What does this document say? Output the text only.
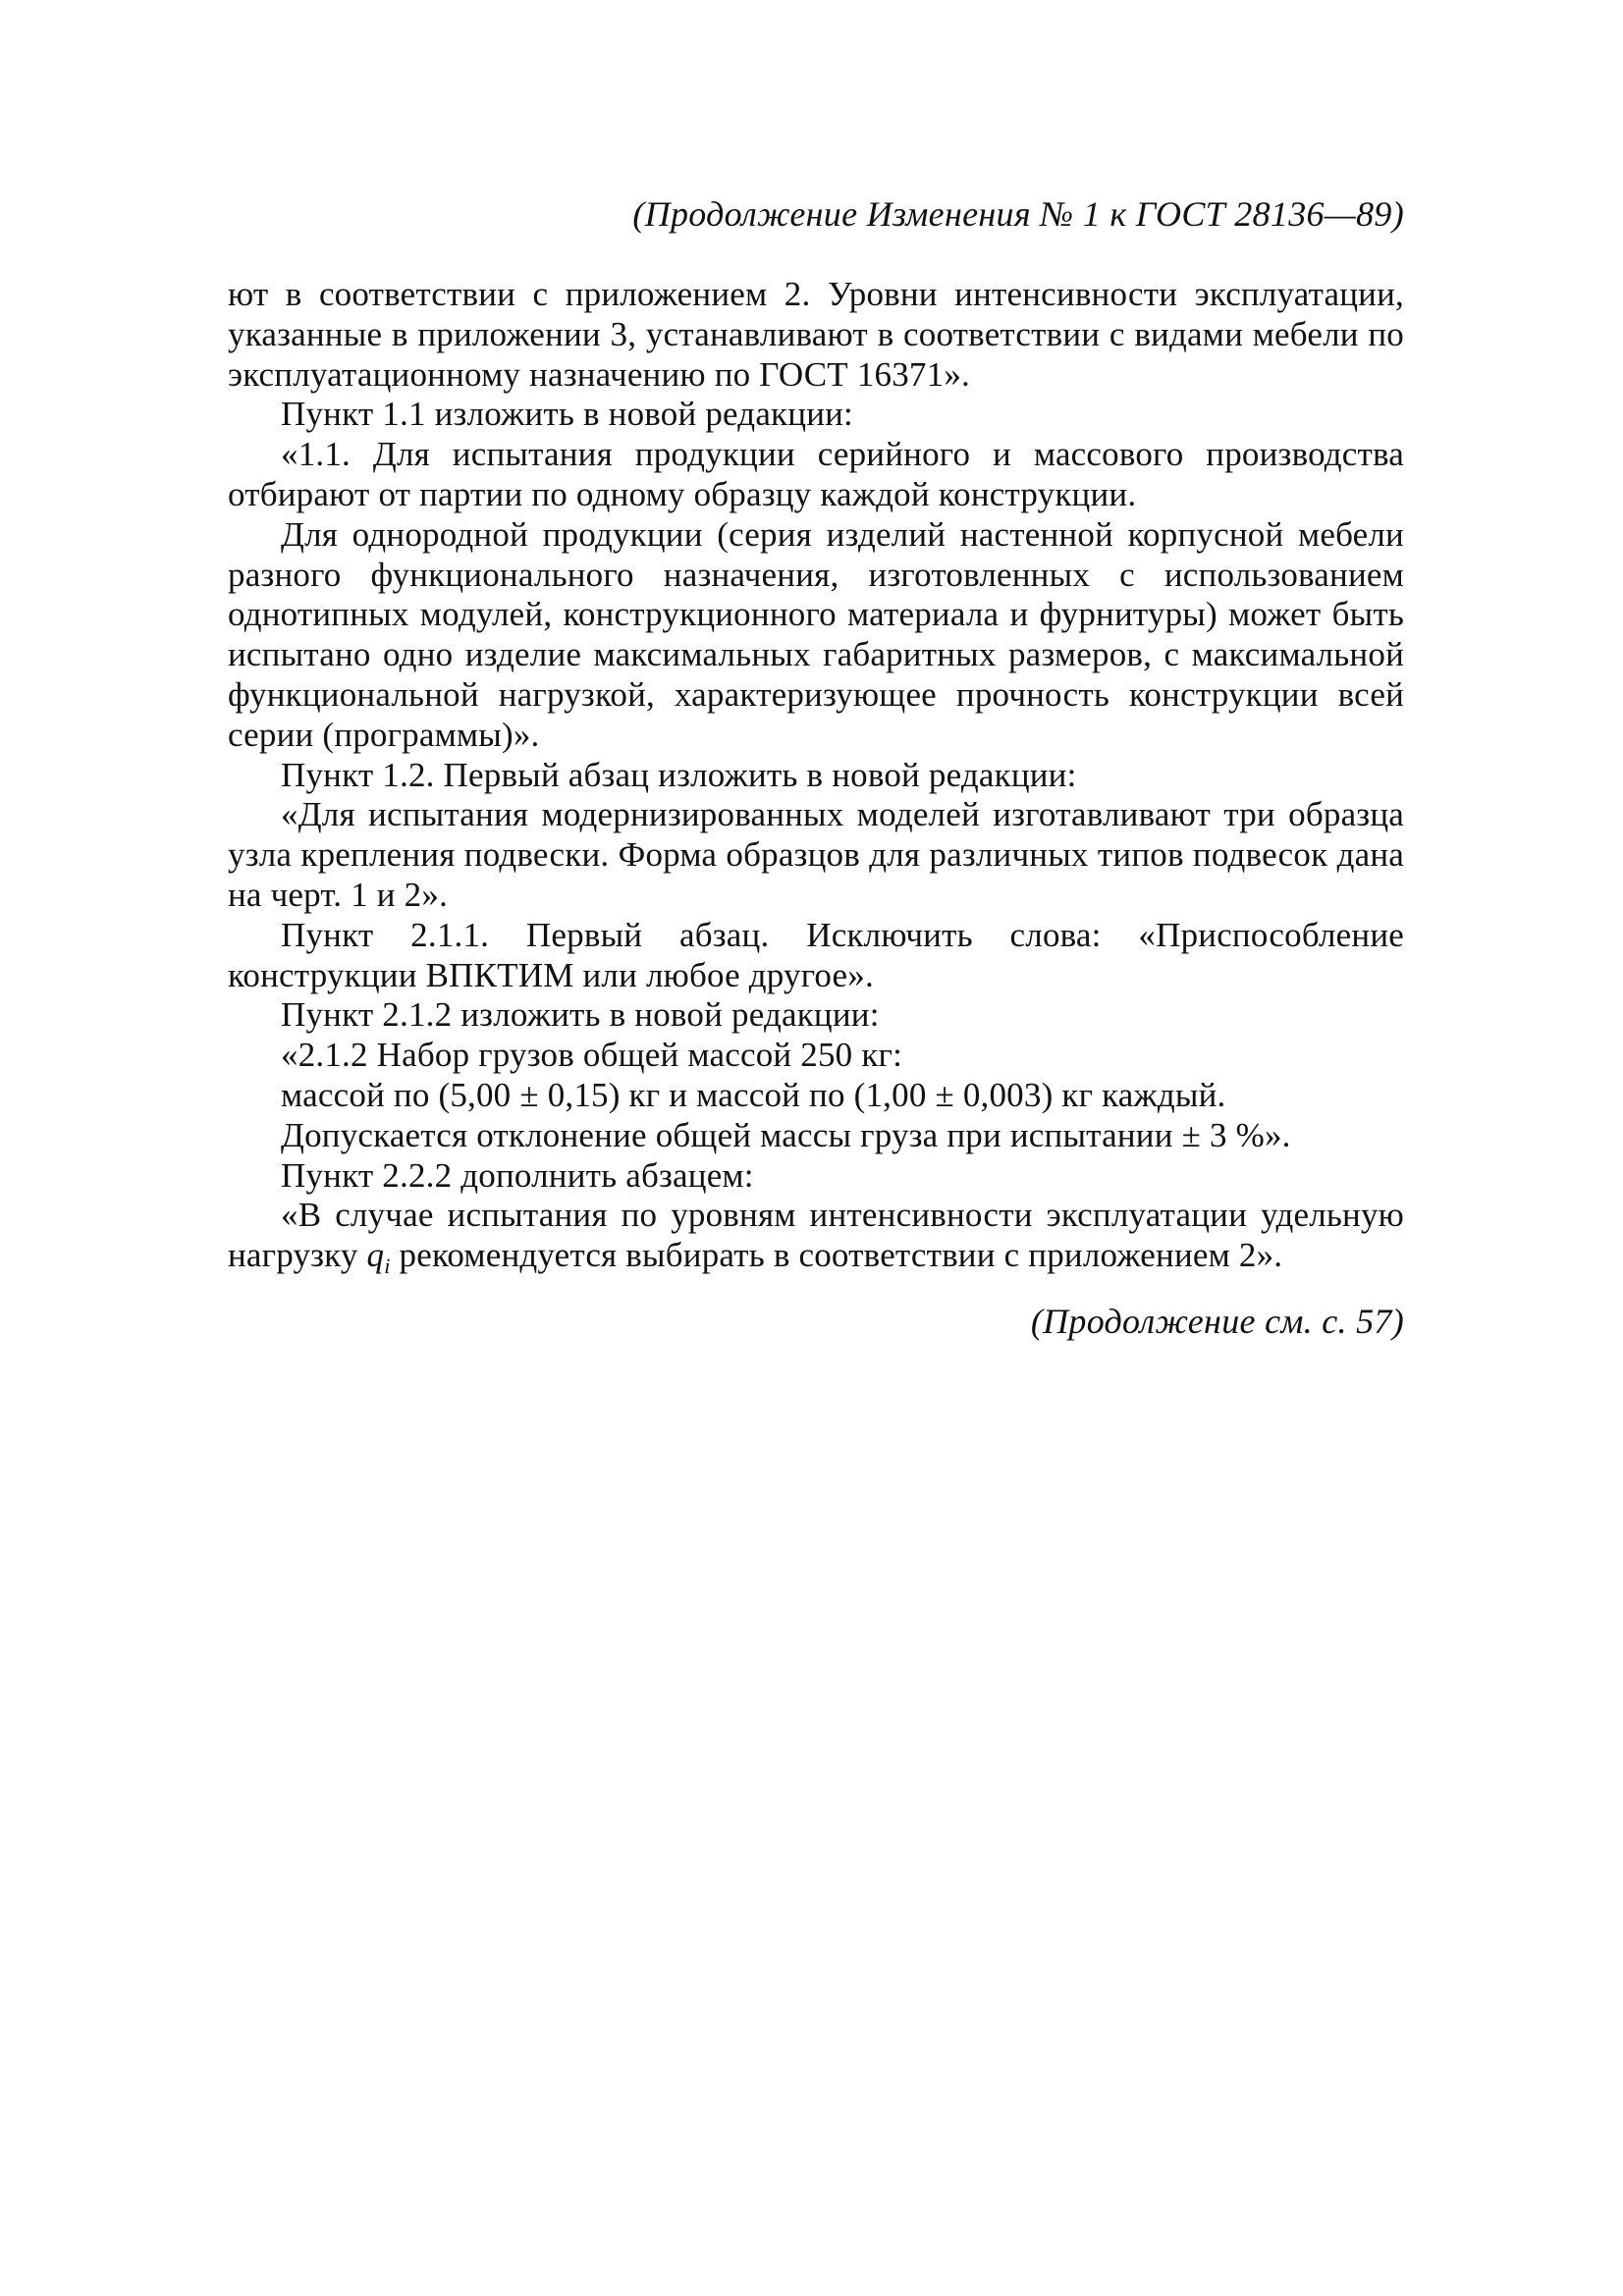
(Продолжение Изменения № 1 к ГОСТ 28136—89)

ют в соответствии с приложением 2. Уровни интенсивности эксплуатации, указанные в приложении 3, устанавливают в соответствии с видами мебели по эксплуатационному назначению по ГОСТ 16371».

Пункт 1.1 изложить в новой редакции:

«1.1. Для испытания продукции серийного и массового производства отбирают от партии по одному образцу каждой конструкции.

Для однородной продукции (серия изделий настенной корпусной мебели разного функционального назначения, изготовленных с использованием однотипных модулей, конструкционного материала и фурнитуры) может быть испытано одно изделие максимальных габаритных размеров, с максимальной функциональной нагрузкой, характеризующее прочность конструкции всей серии (программы)».

Пункт 1.2. Первый абзац изложить в новой редакции:

«Для испытания модернизированных моделей изготавливают три образца узла крепления подвески. Форма образцов для различных типов подвесок дана на черт. 1 и 2».

Пункт 2.1.1. Первый абзац. Исключить слова: «Приспособление конструкции ВПКТИМ или любое другое».

Пункт 2.1.2 изложить в новой редакции:

«2.1.2 Набор грузов общей массой 250 кг:

массой по (5,00 ± 0,15) кг и массой по (1,00 ± 0,003) кг каждый.

Допускается отклонение общей массы груза при испытании ± 3 %».

Пункт 2.2.2 дополнить абзацем:

«В случае испытания по уровням интенсивности эксплуатации удельную нагрузку $q_i$ рекомендуется выбирать в соответствии с приложением 2».

(Продолжение см. с. 57)
